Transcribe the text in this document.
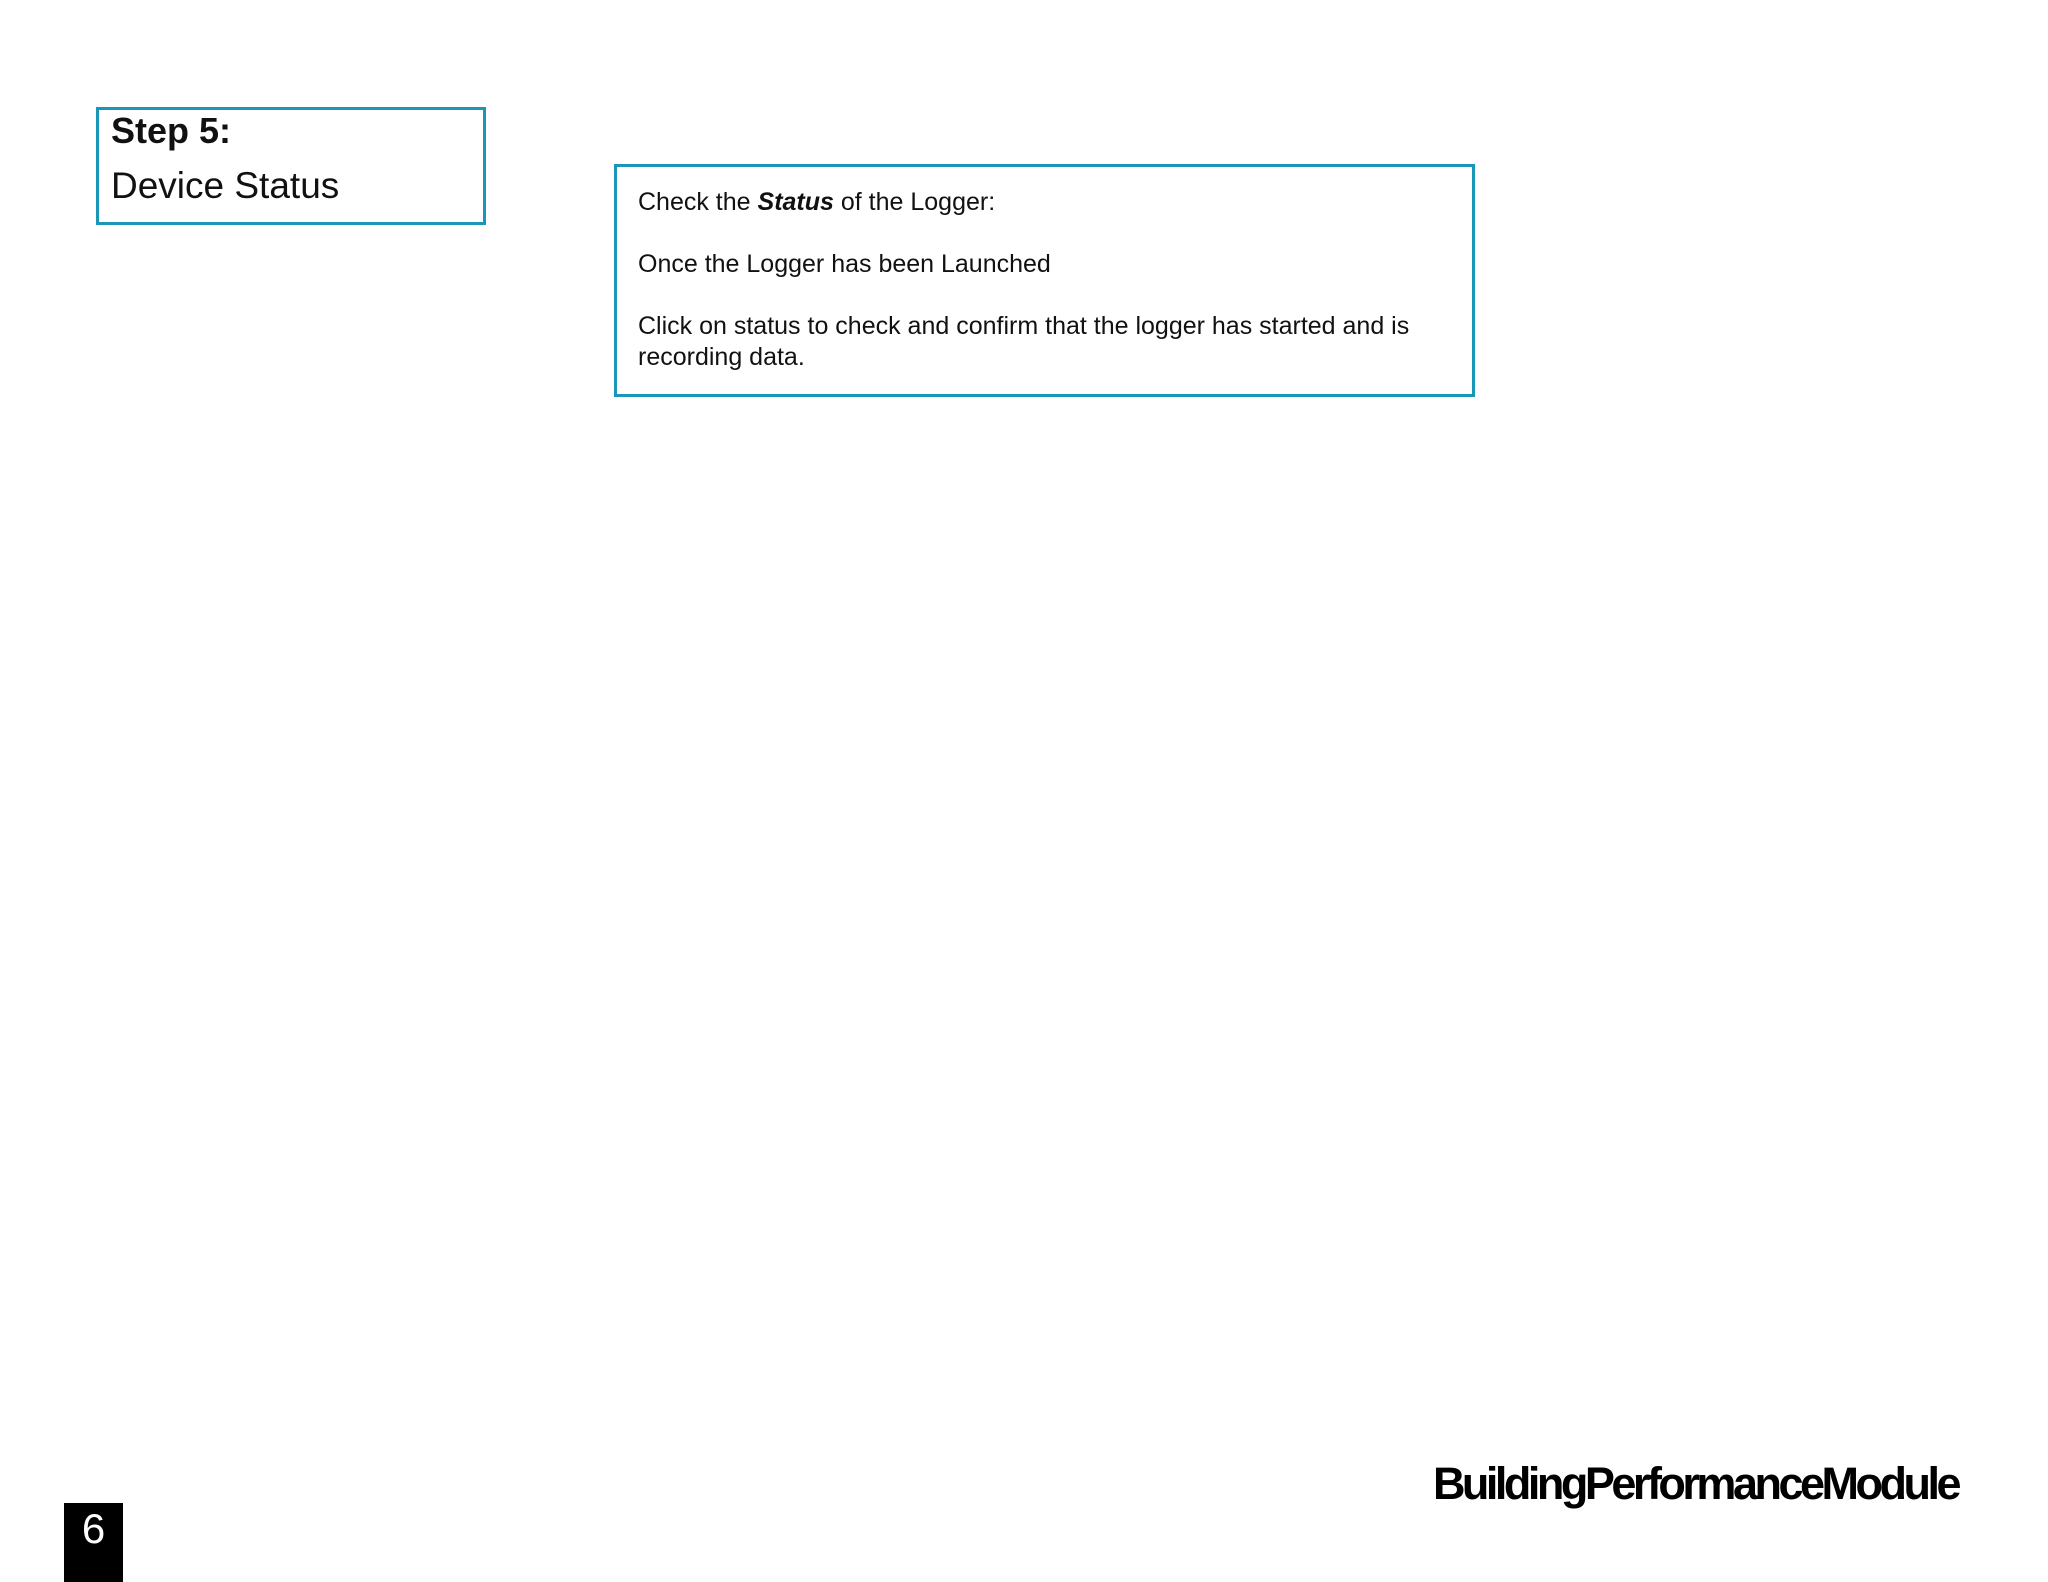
Step 5:
Device Status	Check the Status of the Logger:

Once the Logger has been Launched

Click on status to check and confirm that the logger has started and is recording data.

6
BuildingPerformanceModule
